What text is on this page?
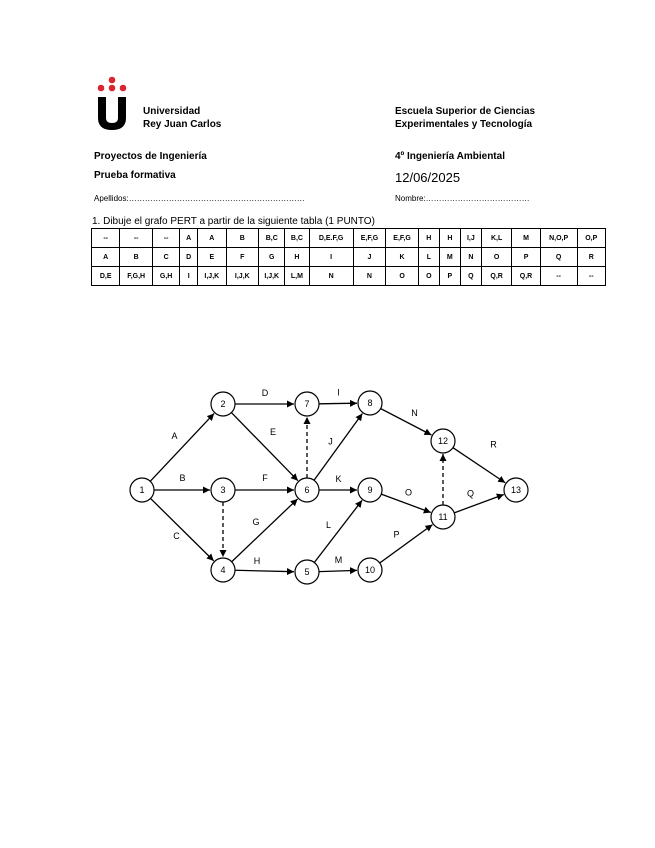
Universidad
Rey Juan Carlos
Escuela Superior de Ciencias
Experimentales y Tecnología
Proyectos de Ingeniería
Prueba formativa
4º Ingeniería Ambiental
12/06/2025
Apellidos:…………………………………………………………	Nombre:…………………………………
1. Dibuje el grafo PERT a partir de la siguiente tabla (1 PUNTO)
--	--	--	A	A	B	B,C	B,C	D,E.F,G	E,F,G	E,F,G	H	H	I,J	K,L	M	N,O,P	O,P
A	B	C	D	E	F	G	H	I	J	K	L	M	N	O	P	Q	R
D,E	F,G,H	G,H	I	I,J,K	I,J,K	I,J,K	L,M	N	N	O	O	P	Q	Q,R	Q,R	--	--
A
B
C
D
E
F
G
H
I
J
K
L
M
N
O
P
Q
R
1
2
3
4	5
6
7	8
9
10
11
12
13
